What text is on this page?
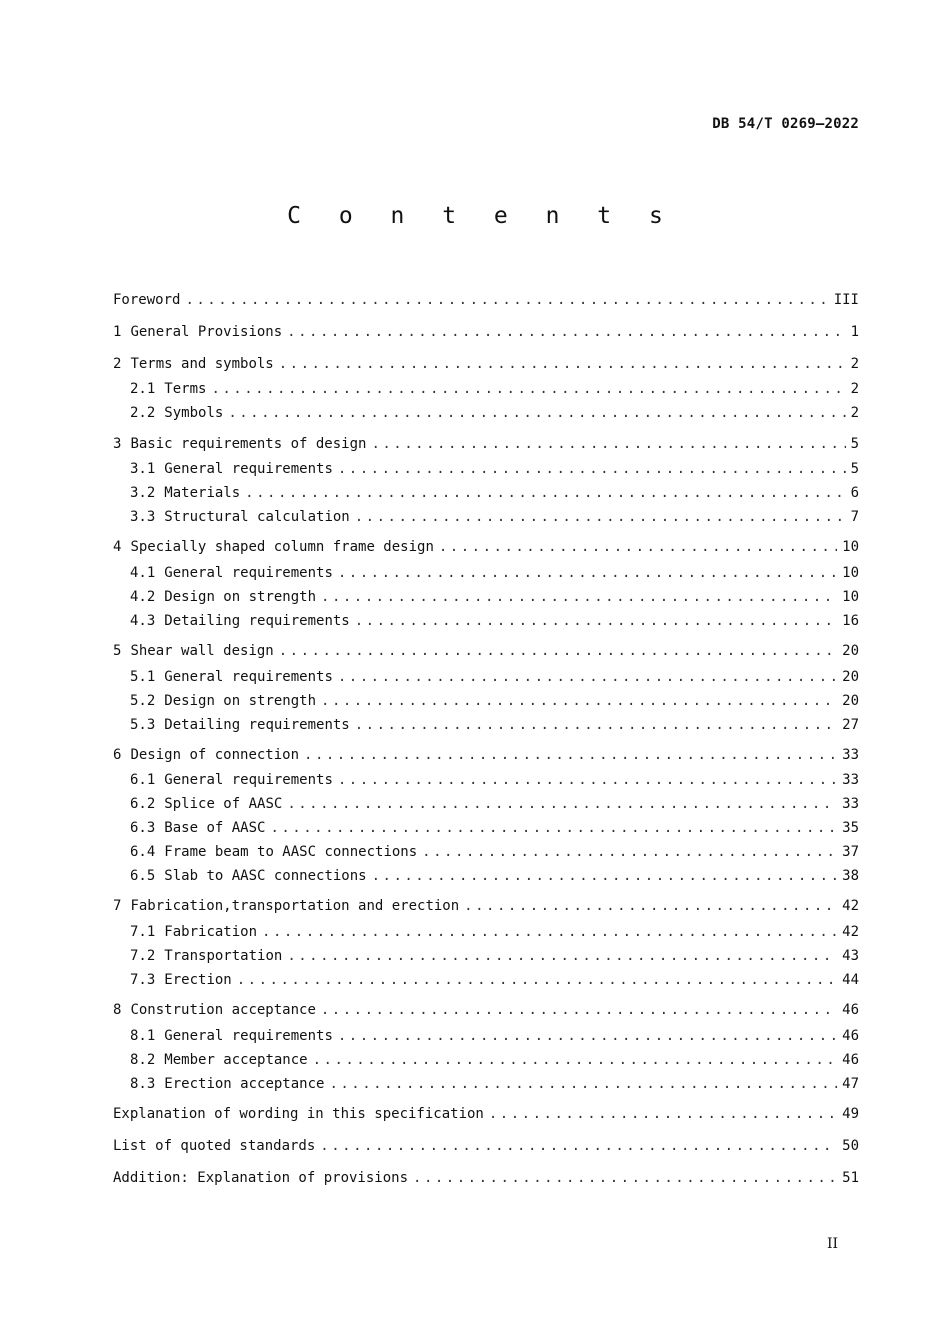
DB 54/T 0269—2022
C o n t e n t s
Foreword .....	III
1 General Provisions .....	1
2 Terms and symbols .....	2
2.1 Terms .....	2
2.2 Symbols .....	2
3 Basic requirements of design .....	5
3.1 General requirements .....	5
3.2 Materials .....	6
3.3 Structural calculation .....	7
4 Specially shaped column frame design .....	10
4.1 General requirements .....	10
4.2 Design on strength .....	10
4.3 Detailing requirements .....	16
5 Shear wall design .....	20
5.1 General requirements .....	20
5.2 Design on strength .....	20
5.3 Detailing requirements .....	27
6 Design of connection .....	33
6.1 General requirements .....	33
6.2 Splice of AASC .....	33
6.3 Base of AASC .....	35
6.4 Frame beam to AASC connections .....	37
6.5 Slab to AASC connections .....	38
7 Fabrication,transportation and erection .....	42
7.1 Fabrication .....	42
7.2 Transportation .....	43
7.3 Erection .....	44
8 Constrution acceptance .....	46
8.1 General requirements .....	46
8.2 Member acceptance .....	46
8.3 Erection acceptance .....	47
Explanation of wording in this specification .....	49
List of quoted standards .....	50
Addition: Explanation of provisions .....	51
II
